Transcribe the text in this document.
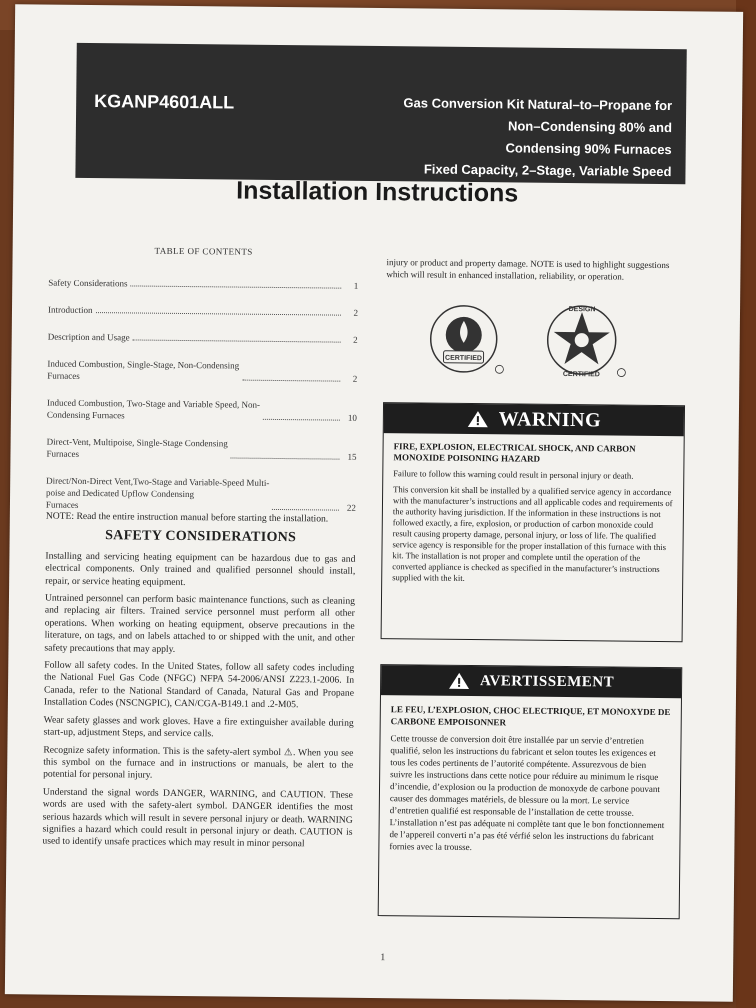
KGANP4601ALL	Gas Conversion Kit Natural–to–Propane for
Non–Condensing 80% and
Condensing 90% Furnaces
Fixed Capacity, 2–Stage, Variable Speed
Installation Instructions
TABLE OF CONTENTS
Safety Considerations	1
Introduction	2
Description and Usage	2
Induced Combustion, Single-Stage, Non-Condensing
Furnaces	2
Induced Combustion, Two-Stage and Variable Speed, Non-
Condensing Furnaces	10
Direct-Vent, Multipoise, Single-Stage Condensing
Furnaces	15
Direct/Non-Direct Vent,Two-Stage and Variable-Speed Multi-
poise and Dedicated Upflow Condensing
Furnaces	22

NOTE: Read the entire instruction manual before starting the installation.

SAFETY CONSIDERATIONS

Installing and servicing heating equipment can be hazardous due to gas and electrical components. Only trained and qualified personnel should install, repair, or service heating equipment.

Untrained personnel can perform basic maintenance functions, such as cleaning and replacing air filters. Trained service personnel must perform all other operations. When working on heating equipment, observe precautions in the literature, on tags, and on labels attached to or shipped with the unit, and other safety precautions that may apply.

Follow all safety codes. In the United States, follow all safety codes including the National Fuel Gas Code (NFGC) NFPA 54-2006/ANSI Z223.1-2006. In Canada, refer to the National Standard of Canada, Natural Gas and Propane Installation Codes (NSCNGPIC), CAN/CGA-B149.1 and .2-M05.

Wear safety glasses and work gloves. Have a fire extinguisher available during start-up, adjustment Steps, and service calls.

Recognize safety information. This is the safety-alert symbol ⚠. When you see this symbol on the furnace and in instructions or manuals, be alert to the potential for personal injury.

Understand the signal words DANGER, WARNING, and CAUTION. These words are used with the safety-alert symbol. DANGER identifies the most serious hazards which will result in severe personal injury or death. WARNING signifies a hazard which could result in personal injury or death. CAUTION is used to identify unsafe practices which may result in minor personal

injury or product and property damage. NOTE is used to highlight suggestions which will result in enhanced installation, reliability, or operation.
CERTIFIED
DESIGN
CERTIFIED
WARNING

FIRE, EXPLOSION, ELECTRICAL SHOCK, AND CARBON MONOXIDE POISONING HAZARD

Failure to follow this warning could result in personal injury or death.

This conversion kit shall be installed by a qualified service agency in accordance with the manufacturer’s instructions and all applicable codes and requirements of the authority having jurisdiction. If the information in these instructions is not followed exactly, a fire, explosion, or production of carbon monoxide could result causing property damage, personal injury, or loss of life. The qualified service agency is responsible for the proper installation of this furnace with this kit. The installation is not proper and complete until the operation of the converted appliance is checked as specified in the manufacturer’s instructions supplied with the kit.

AVERTISSEMENT

LE FEU, L’EXPLOSION, CHOC ELECTRIQUE, ET MONOXYDE DE CARBONE EMPOISONNER

Cette trousse de conversion doit être installée par un servie d’entretien qualifié, selon les instructions du fabricant et selon toutes les exigences et tous les codes pertinents de l’autorité compétente. Assurezvous de bien suivre les instructions dans cette notice pour réduire au minimum le risque d’incendie, d’explosion ou la production de monoxyde de carbone pouvant causer des dommages matériels, de blessure ou la mort. Le service d’entretien qualifié est responsable de l’installation de cette trousse. L’installation n’est pas adéquate ni complète tant que le bon fonctionnement de l’appereil converti n’a pas été vérfié selon les instructions du fabricant fornies avec la trousse.

1
